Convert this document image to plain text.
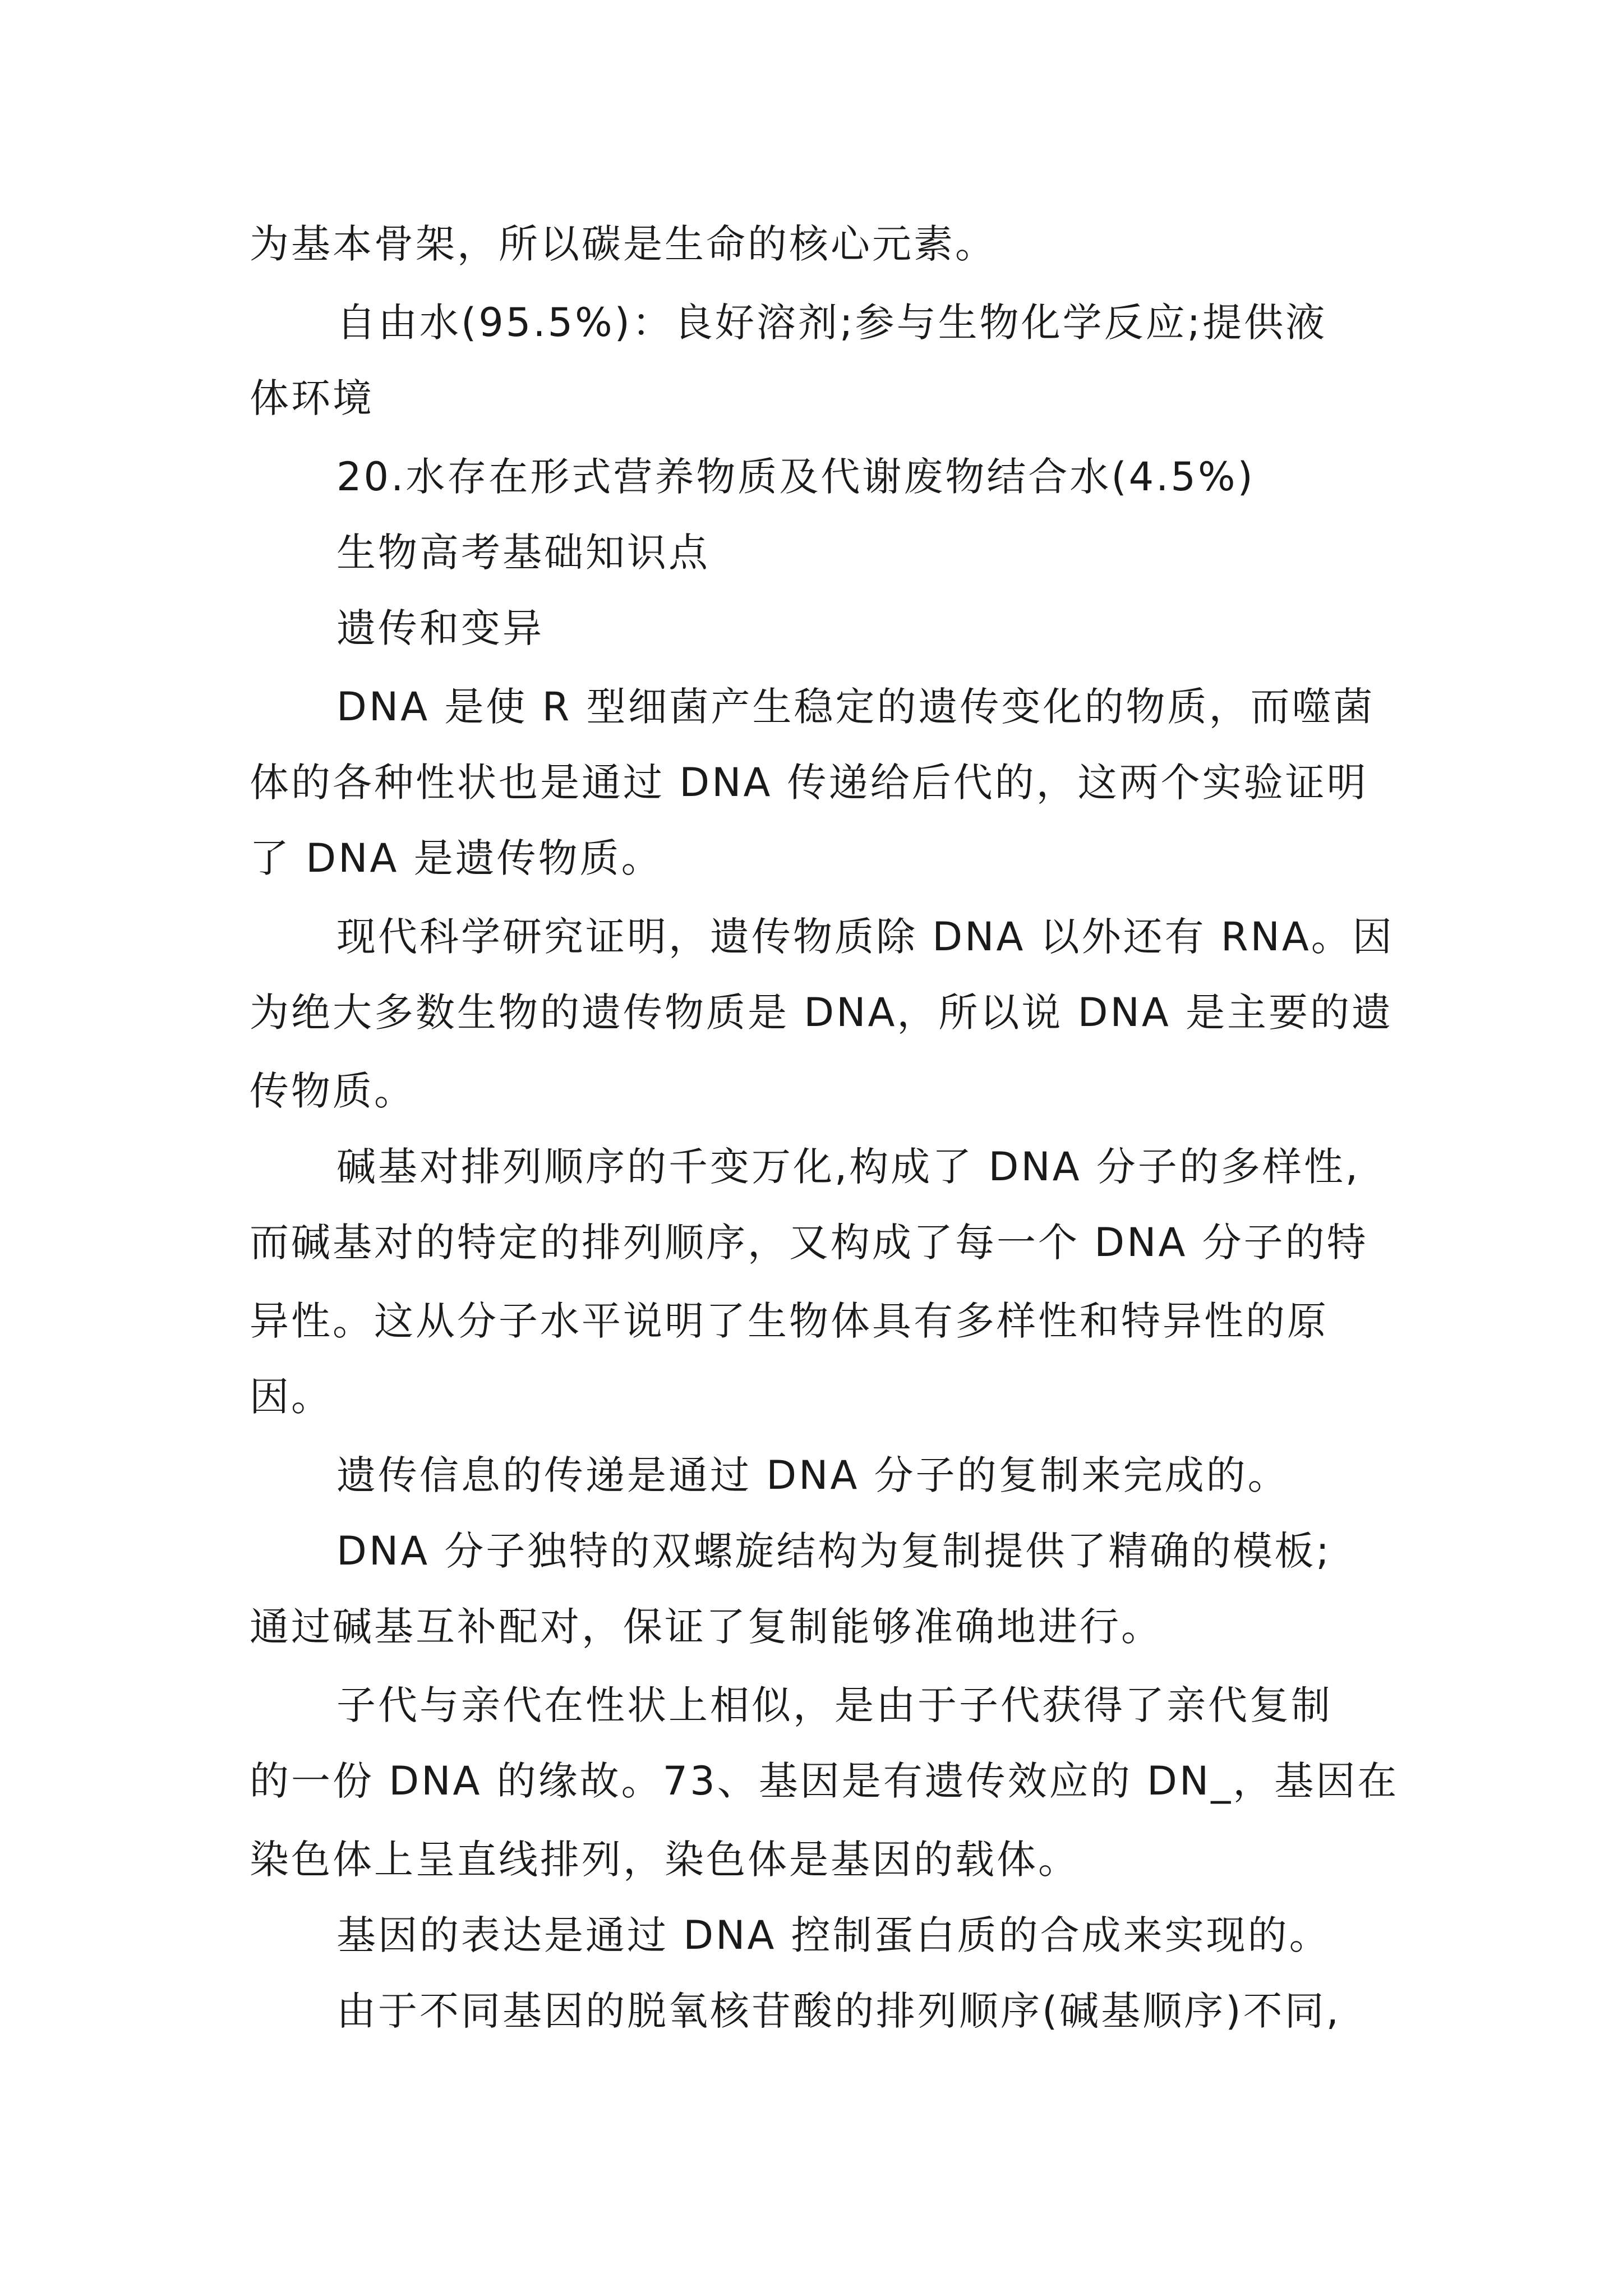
为基本骨架，所以碳是生命的核心元素。
自由水(95.5%)：良好溶剂;参与生物化学反应;提供液
体环境
20.水存在形式营养物质及代谢废物结合水(4.5%)
生物高考基础知识点
遗传和变异
DNA 是使 R 型细菌产生稳定的遗传变化的物质，而噬菌
体的各种性状也是通过 DNA 传递给后代的，这两个实验证明
了 DNA 是遗传物质。
现代科学研究证明，遗传物质除 DNA 以外还有 RNA。因
为绝大多数生物的遗传物质是 DNA，所以说 DNA 是主要的遗
传物质。
碱基对排列顺序的千变万化,构成了 DNA 分子的多样性,
而碱基对的特定的排列顺序，又构成了每一个 DNA 分子的特
异性。这从分子水平说明了生物体具有多样性和特异性的原
因。
遗传信息的传递是通过 DNA 分子的复制来完成的。
DNA 分子独特的双螺旋结构为复制提供了精确的模板;
通过碱基互补配对，保证了复制能够准确地进行。
子代与亲代在性状上相似，是由于子代获得了亲代复制
的一份 DNA 的缘故。73、基因是有遗传效应的 DN_，基因在
染色体上呈直线排列，染色体是基因的载体。
基因的表达是通过 DNA 控制蛋白质的合成来实现的。
由于不同基因的脱氧核苷酸的排列顺序(碱基顺序)不同,
